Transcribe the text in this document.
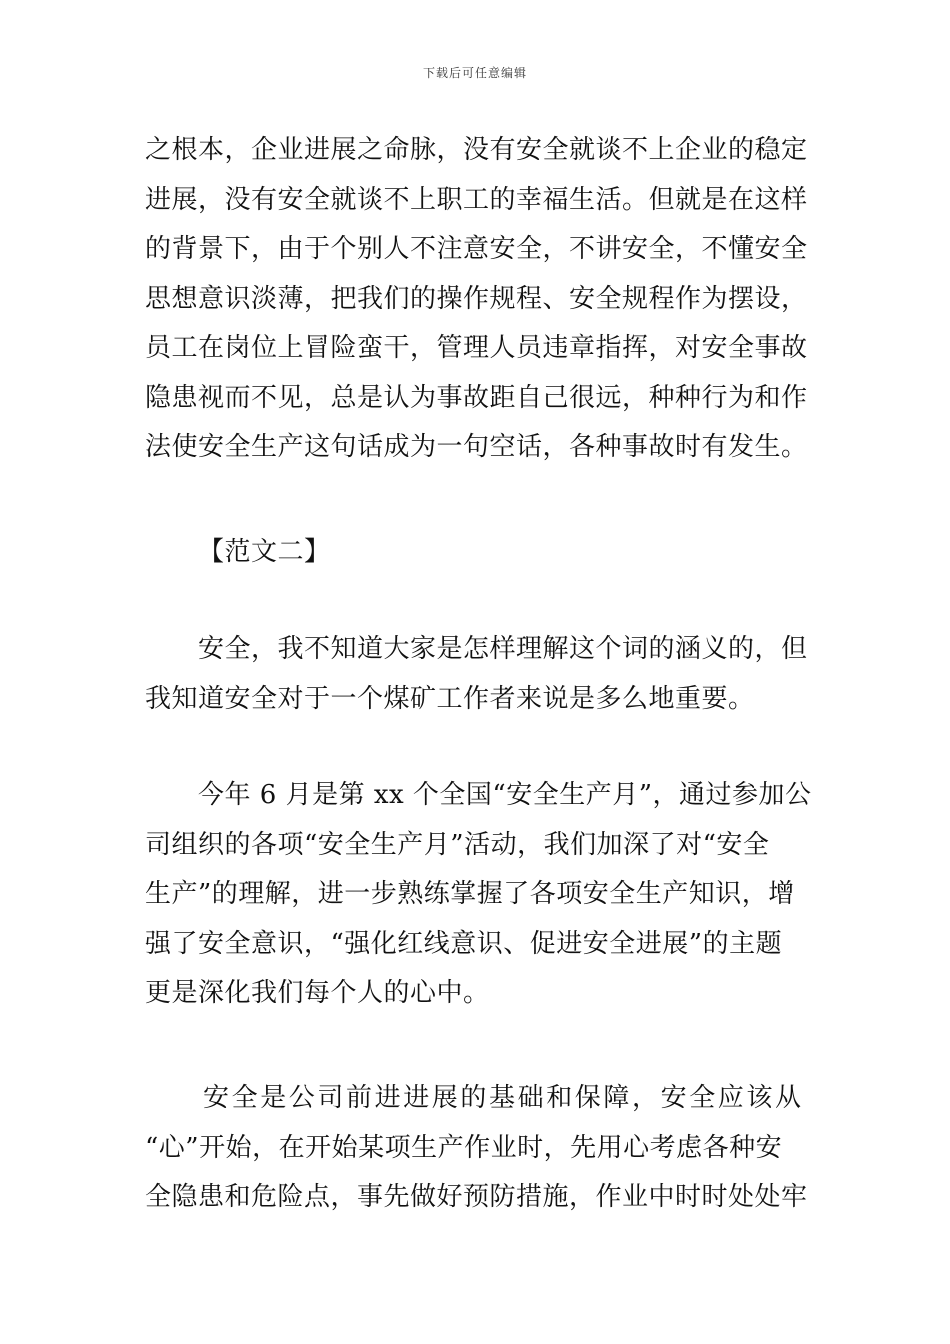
下载后可任意编辑
之根本，企业进展之命脉，没有安全就谈不上企业的稳定
进展，没有安全就谈不上职工的幸福生活。但就是在这样
的背景下，由于个别人不注意安全，不讲安全，不懂安全
思想意识淡薄，把我们的操作规程、安全规程作为摆设，
员工在岗位上冒险蛮干，管理人员违章指挥，对安全事故
隐患视而不见，总是认为事故距自己很远，种种行为和作
法使安全生产这句话成为一句空话，各种事故时有发生。
【范文二】
安全，我不知道大家是怎样理解这个词的涵义的，但
我知道安全对于一个煤矿工作者来说是多么地重要。
今年 6 月是第 xx 个全国“安全生产月”，通过参加公
司组织的各项“安全生产月”活动，我们加深了对“安全
生产”的理解，进一步熟练掌握了各项安全生产知识，增
强了安全意识，“强化红线意识、促进安全进展”的主题
更是深化我们每个人的心中。
安全是公司前进进展的基础和保障，安全应该从
“心”开始，在开始某项生产作业时，先用心考虑各种安
全隐患和危险点，事先做好预防措施，作业中时时处处牢
